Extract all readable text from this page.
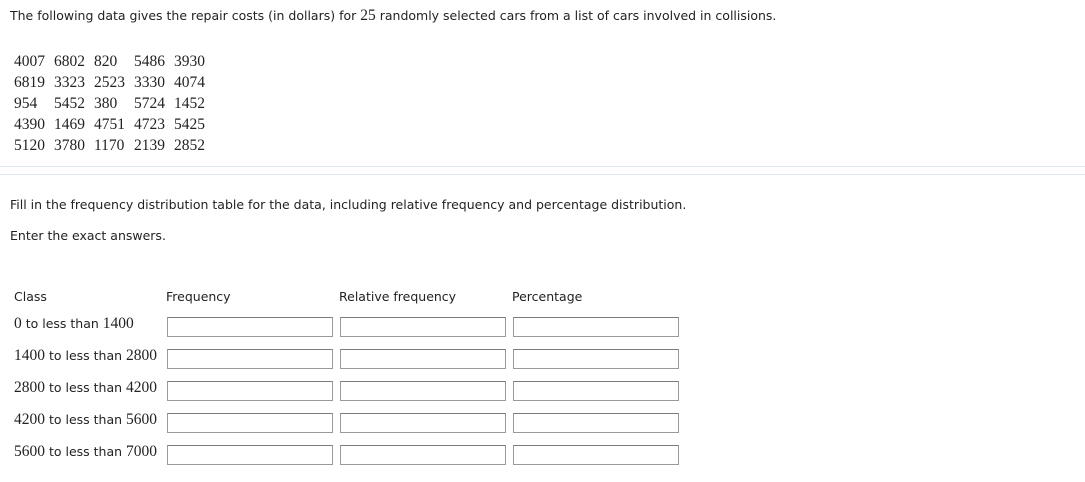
The following data gives the repair costs (in dollars) for 25 randomly selected cars from a list of cars involved in collisions.
4007 6802 820 5486 3930
6819 3323 2523 3330 4074
954 5452 380 5724 1452
4390 1469 4751 4723 5425
5120 3780 1170 2139 2852
Fill in the frequency distribution table for the data, including relative frequency and percentage distribution.
Enter the exact answers.
Class	Frequency	Relative frequency	Percentage
0 to less than 1400
1400 to less than 2800
2800 to less than 4200
4200 to less than 5600
5600 to less than 7000
